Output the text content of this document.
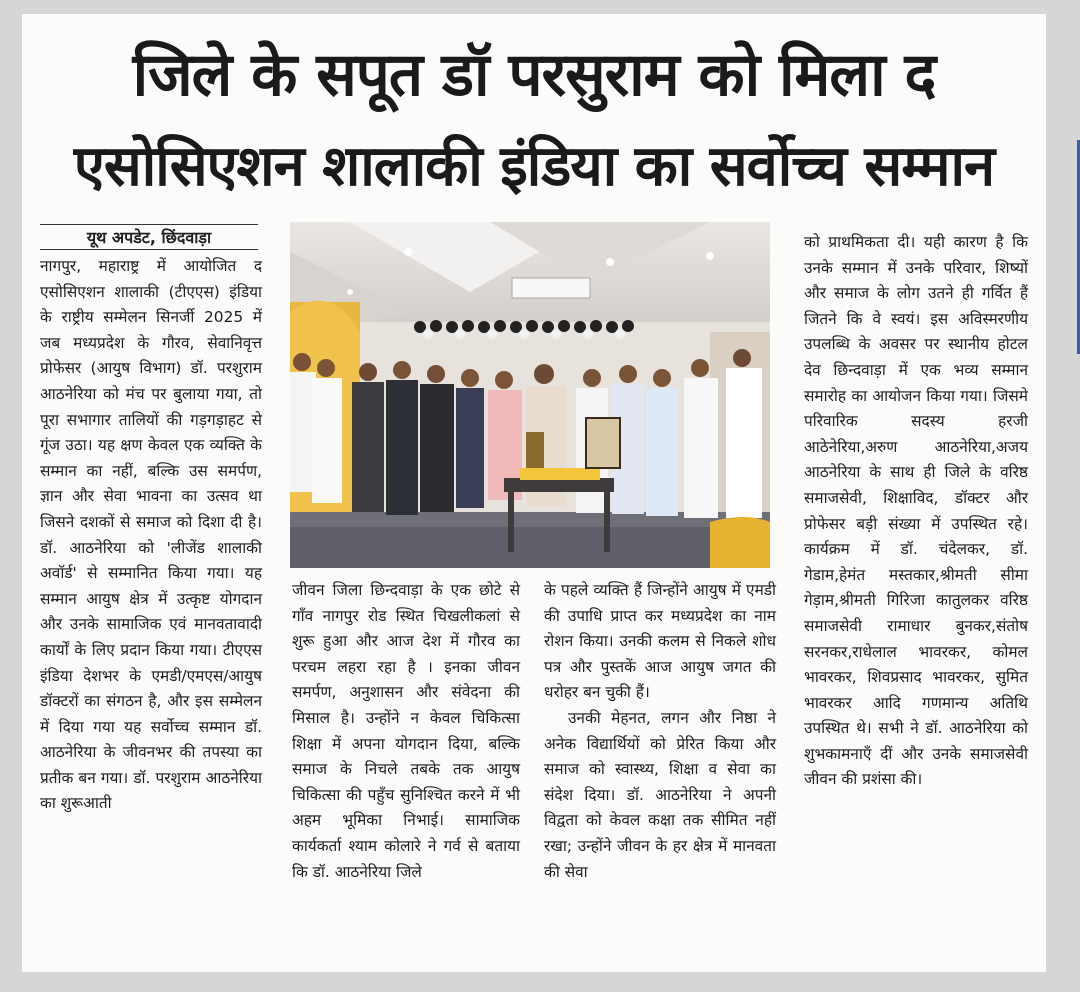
जिले के सपूत डॉ परसुराम को मिला द
एसोसिएशन शालाकी इंडिया का सर्वोच्च सम्मान
यूथ अपडेट, छिंदवाड़ा

नागपुर, महाराष्ट्र में आयोजित द एसोसिएशन शालाकी (टीएएस) इंडिया के राष्ट्रीय सम्मेलन सिनर्जी 2025 में जब मध्यप्रदेश के गौरव, सेवानिवृत्त प्रोफेसर (आयुष विभाग) डॉ. परशुराम आठनेरिया को मंच पर बुलाया गया, तो पूरा सभागार तालियों की गड़गड़ाहट से गूंज उठा। यह क्षण केवल एक व्यक्ति के सम्मान का नहीं, बल्कि उस समर्पण, ज्ञान और सेवा भावना का उत्सव था जिसने दशकों से समाज को दिशा दी है। डॉ. आठनेरिया को 'लीजेंड शालाकी अवॉर्ड' से सम्मानित किया गया। यह सम्मान आयुष क्षेत्र में उत्कृष्ट योगदान और उनके सामाजिक एवं मानवतावादी कार्यों के लिए प्रदान किया गया। टीएएस इंडिया देशभर के एमडी/एमएस/आयुष डॉक्टरों का संगठन है, और इस सम्मेलन में दिया गया यह सर्वोच्च सम्मान डॉ. आठनेरिया के जीवनभर की तपस्या का प्रतीक बन गया। डॉ. परशुराम आठनेरिया का शुरूआती

जीवन जिला छिन्दवाड़ा के एक छोटे से गाँव नागपुर रोड स्थित चिखलीकलां से शुरू हुआ और आज देश में गौरव का परचम लहरा रहा है । इनका जीवन समर्पण, अनुशासन और संवेदना की मिसाल है। उन्होंने न केवल चिकित्सा शिक्षा में अपना योगदान दिया, बल्कि समाज के निचले तबके तक आयुष चिकित्सा की पहुँच सुनिश्चित करने में भी अहम भूमिका निभाई। सामाजिक कार्यकर्ता श्याम कोलारे ने गर्व से बताया कि डॉ. आठनेरिया जिले

के पहले व्यक्ति हैं जिन्होंने आयुष में एमडी की उपाधि प्राप्त कर मध्यप्रदेश का नाम रोशन किया। उनकी कलम से निकले शोध पत्र और पुस्तकें आज आयुष जगत की धरोहर बन चुकी हैं।

उनकी मेहनत, लगन और निष्ठा ने अनेक विद्यार्थियों को प्रेरित किया और समाज को स्वास्थ्य, शिक्षा व सेवा का संदेश दिया। डॉ. आठनेरिया ने अपनी विद्वता को केवल कक्षा तक सीमित नहीं रखा; उन्होंने जीवन के हर क्षेत्र में मानवता की सेवा

को प्राथमिकता दी। यही कारण है कि उनके सम्मान में उनके परिवार, शिष्यों और समाज के लोग उतने ही गर्वित हैं जितने कि वे स्वयं। इस अविस्मरणीय उपलब्धि के अवसर पर स्थानीय होटल देव छिन्दवाड़ा में एक भव्य सम्मान समारोह का आयोजन किया गया। जिसमे परिवारिक सदस्य हरजी आठेनेरिया,अरुण आठनेरिया,अजय आठनेरिया के साथ ही जिले के वरिष्ठ समाजसेवी, शिक्षाविद, डॉक्टर और प्रोफेसर बड़ी संख्या में उपस्थित रहे। कार्यक्रम में डॉ. चंदेलकर, डॉ. गेडाम,हेमंत मस्तकार,श्रीमती सीमा गेड़ाम,श्रीमती गिरिजा कातुलकर वरिष्ठ समाजसेवी रामाधार बुनकर,संतोष सरनकर,राधेलाल भावरकर, कोमल भावरकर, शिवप्रसाद भावरकर, सुमित भावरकर आदि गणमान्य अतिथि उपस्थित थे। सभी ने डॉ. आठनेरिया को शुभकामनाएँ दीं और उनके समाजसेवी जीवन की प्रशंसा की।
